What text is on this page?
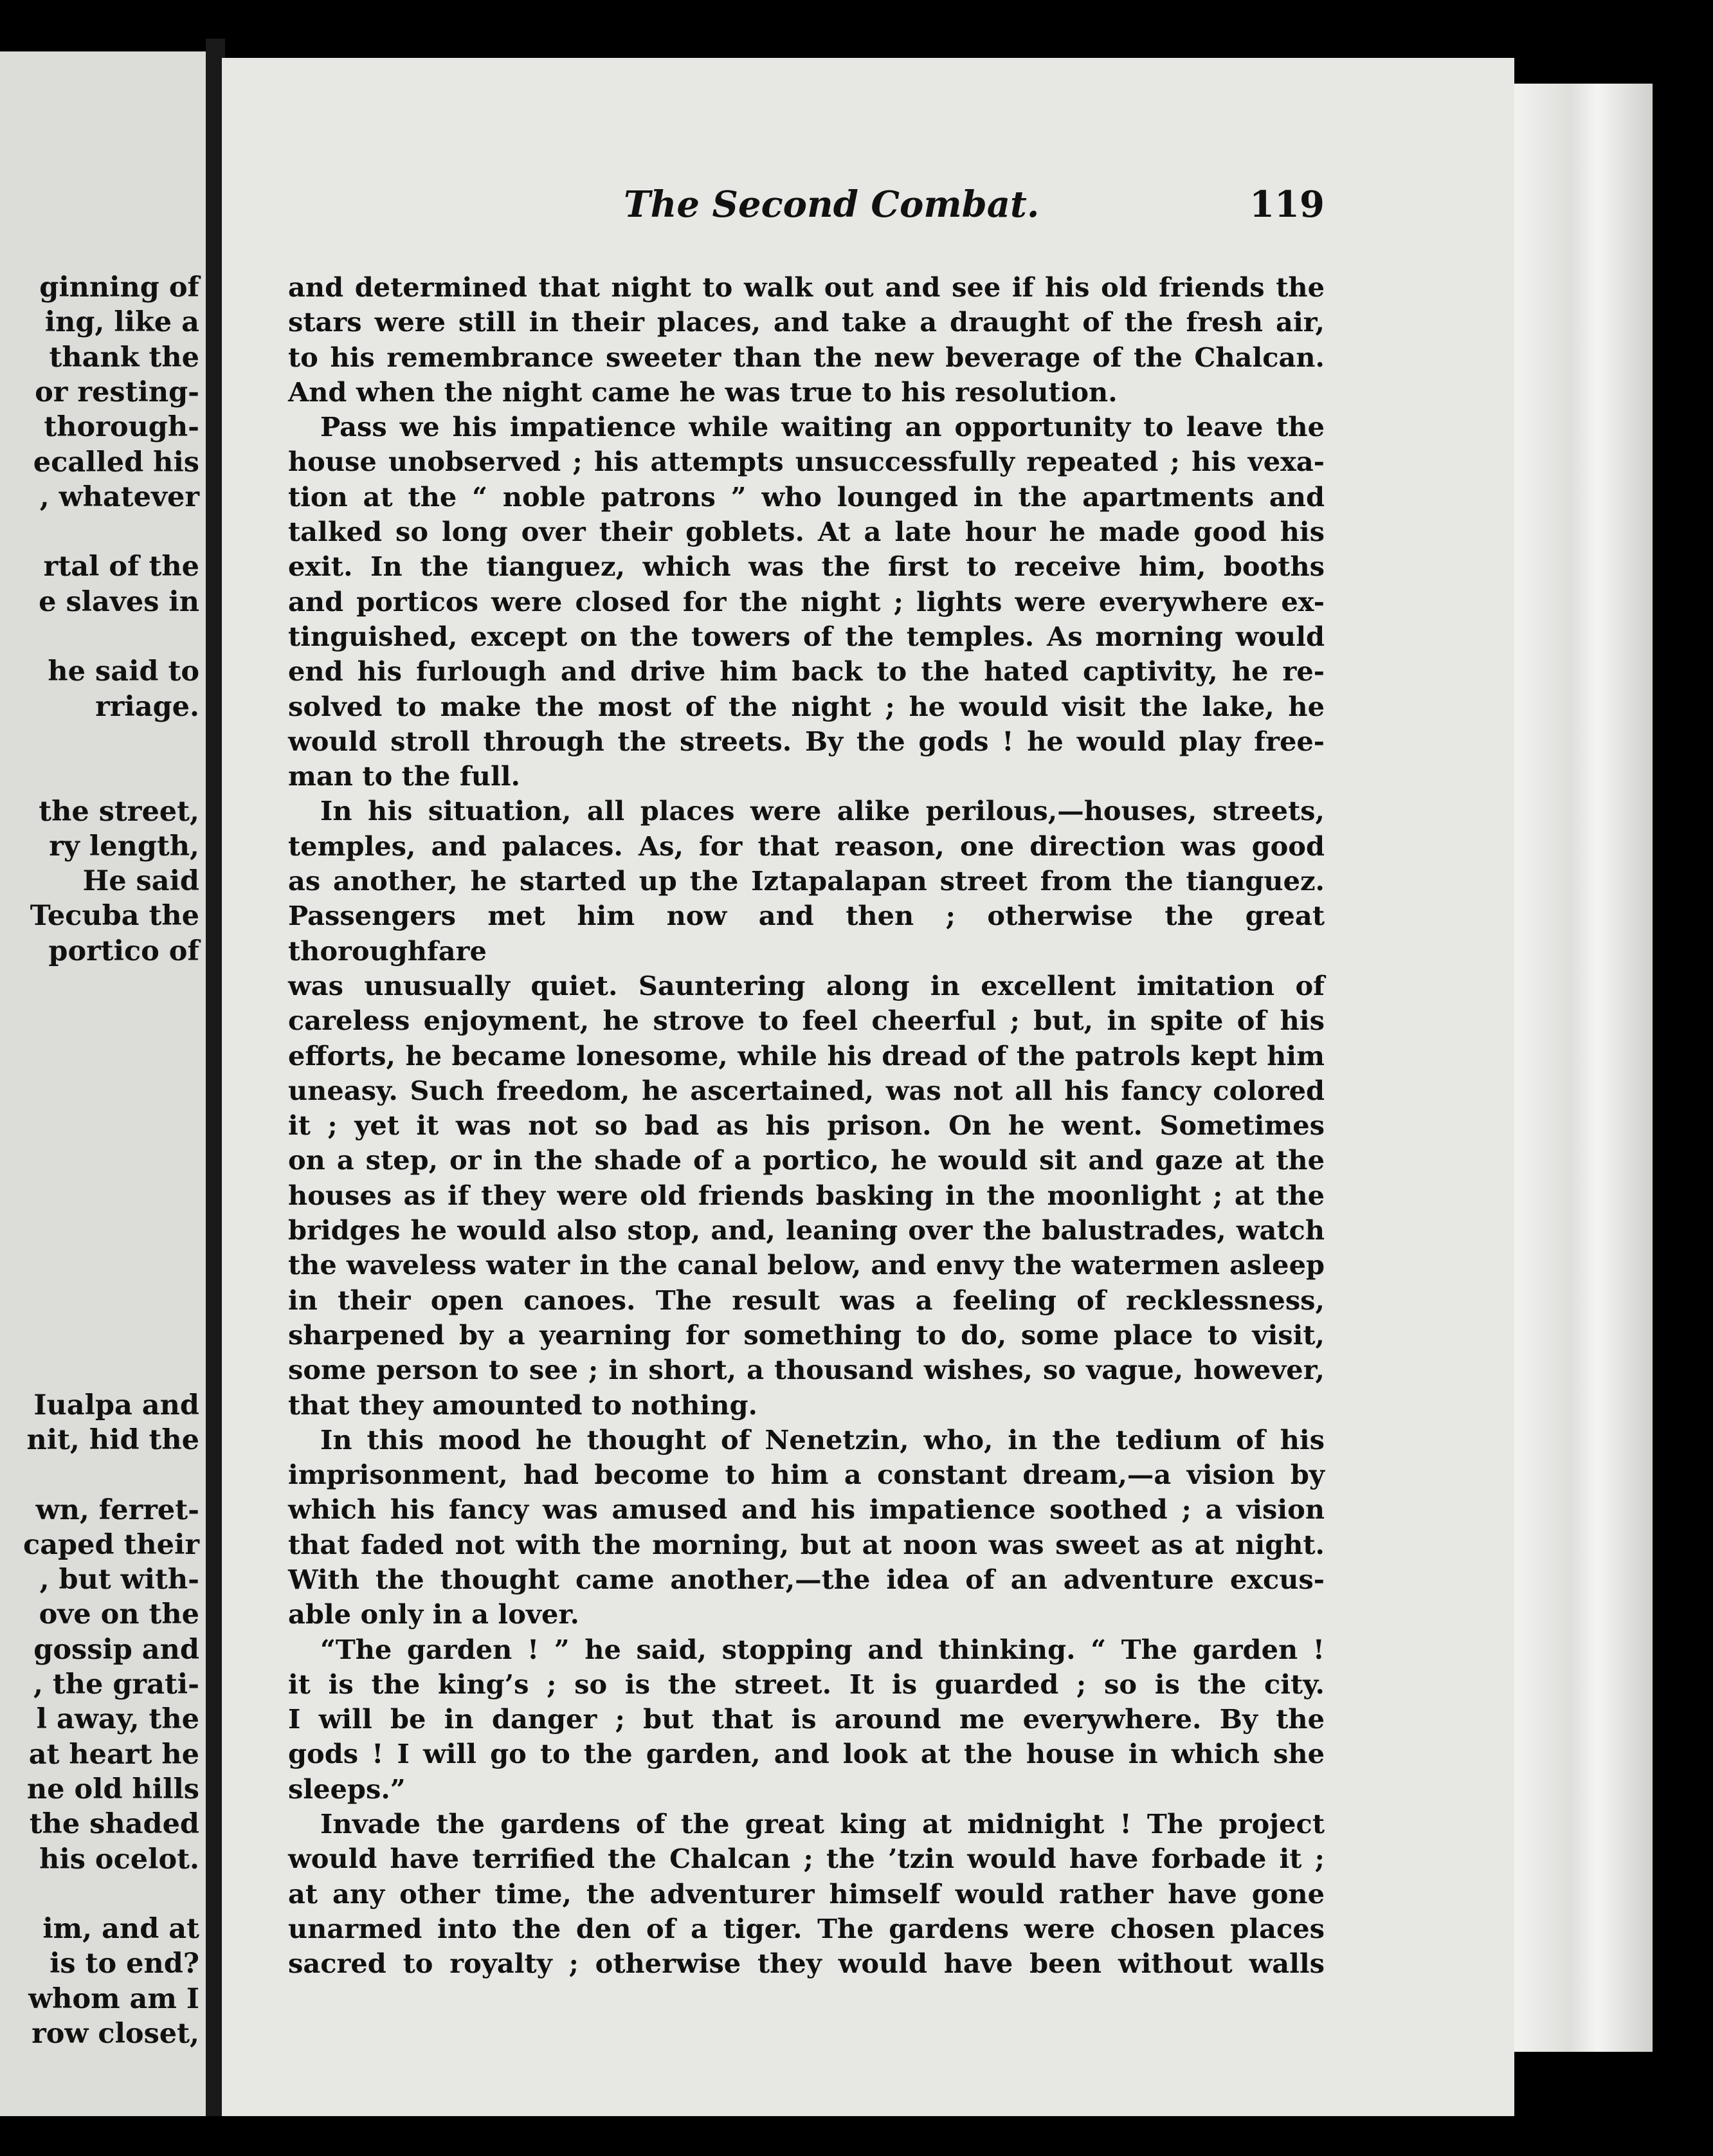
ginning of
ing, like a
thank the
or resting-
thorough-
ecalled his
, whatever
rtal of the
e slaves in
he said to
rriage.
the street,
ry length,
He said
Tecuba the
portico of
Iualpa and
nit, hid the
wn, ferret-
caped their
, but with-
ove on the
gossip and
, the grati-
l away, the
at heart he
ne old hills
the shaded
his ocelot.
im, and at
is to end?
whom am I
row closet,
The Second Combat.	119

and determined that night to walk out and see if his old friends the

stars were still in their places, and take a draught of the fresh air,

to his remembrance sweeter than the new beverage of the Chalcan.

And when the night came he was true to his resolution.

Pass we his impatience while waiting an opportunity to leave the

house unobserved ; his attempts unsuccessfully repeated ; his vexa-

tion at the “ noble patrons ” who lounged in the apartments and

talked so long over their goblets. At a late hour he made good his

exit. In the tianguez, which was the first to receive him, booths

and porticos were closed for the night ; lights were everywhere ex-

tinguished, except on the towers of the temples. As morning would

end his furlough and drive him back to the hated captivity, he re-

solved to make the most of the night ; he would visit the lake, he

would stroll through the streets. By the gods ! he would play free-

man to the full.

In his situation, all places were alike perilous,—houses, streets,

temples, and palaces. As, for that reason, one direction was good

as another, he started up the Iztapalapan street from the tianguez.

Passengers met him now and then ; otherwise the great thoroughfare

was unusually quiet. Sauntering along in excellent imitation of

careless enjoyment, he strove to feel cheerful ; but, in spite of his

efforts, he became lonesome, while his dread of the patrols kept him

uneasy. Such freedom, he ascertained, was not all his fancy colored

it ; yet it was not so bad as his prison. On he went. Sometimes

on a step, or in the shade of a portico, he would sit and gaze at the

houses as if they were old friends basking in the moonlight ; at the

bridges he would also stop, and, leaning over the balustrades, watch

the waveless water in the canal below, and envy the watermen asleep

in their open canoes. The result was a feeling of recklessness,

sharpened by a yearning for something to do, some place to visit,

some person to see ; in short, a thousand wishes, so vague, however,

that they amounted to nothing.

In this mood he thought of Nenetzin, who, in the tedium of his

imprisonment, had become to him a constant dream,—a vision by

which his fancy was amused and his impatience soothed ; a vision

that faded not with the morning, but at noon was sweet as at night.

With the thought came another,—the idea of an adventure excus-

able only in a lover.

“The garden ! ” he said, stopping and thinking. “ The garden !

it is the king’s ; so is the street. It is guarded ; so is the city.

I will be in danger ; but that is around me everywhere. By the

gods ! I will go to the garden, and look at the house in which she

sleeps.”

Invade the gardens of the great king at midnight ! The project

would have terrified the Chalcan ; the ’tzin would have forbade it ;

at any other time, the adventurer himself would rather have gone

unarmed into the den of a tiger. The gardens were chosen places

sacred to royalty ; otherwise they would have been without walls
